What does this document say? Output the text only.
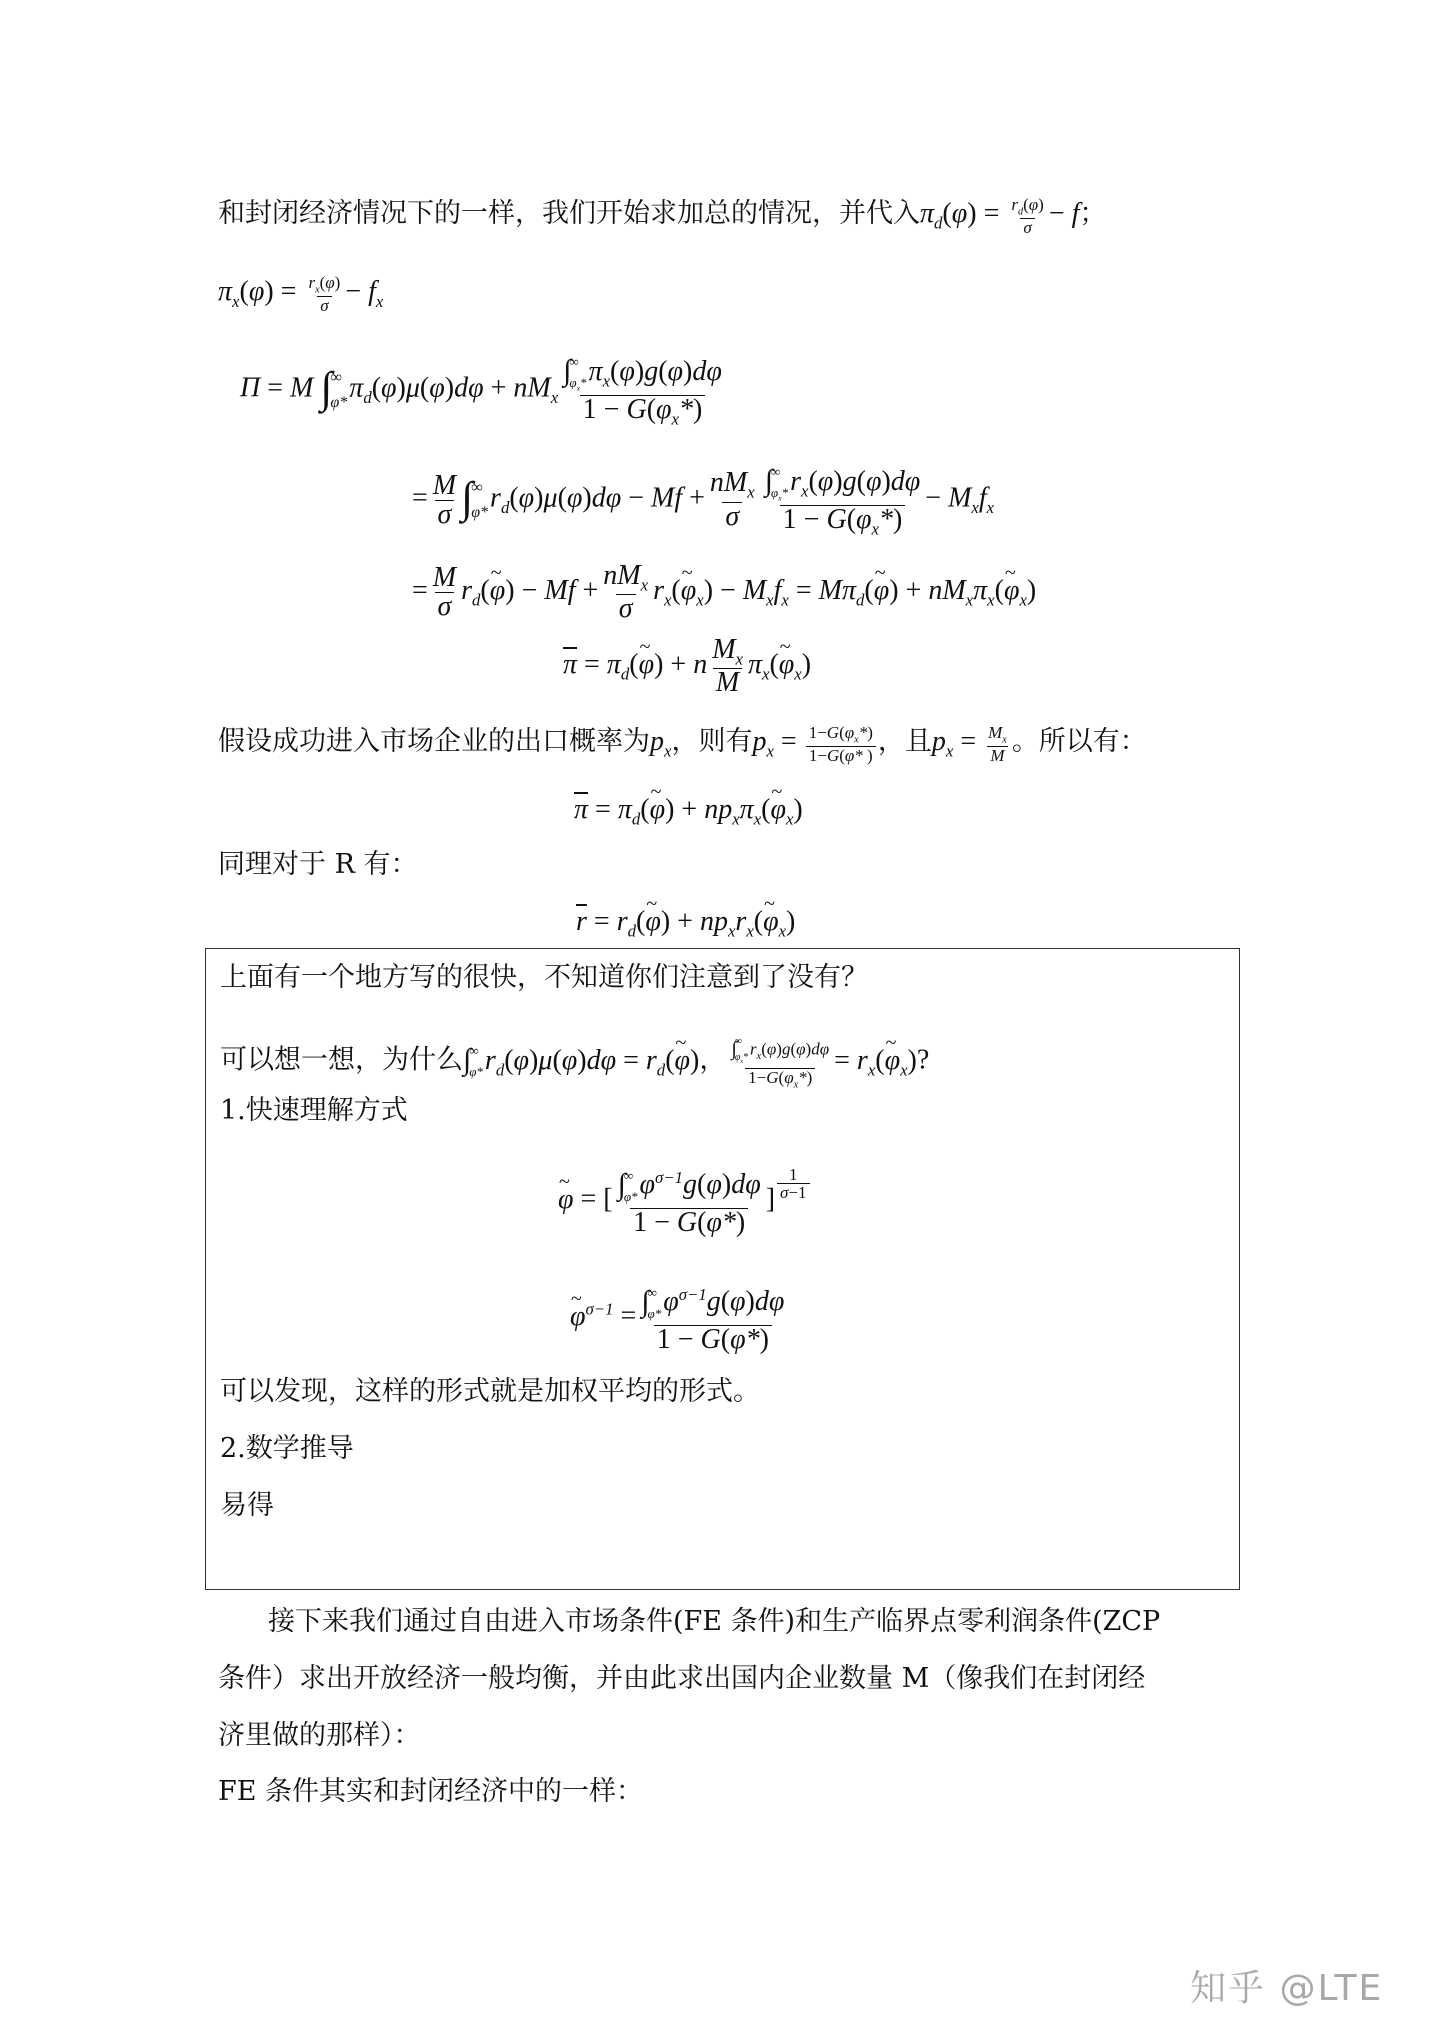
和封闭经济情况下的一样，我们开始求加总的情况，并代入$\pi_d(\varphi) = \frac{r_d(\varphi)}{\sigma} - f$；
$\pi_x(\varphi) = \frac{r_x(\varphi)}{\sigma} - f_x$
Π = M ∫
∞
φ* $\pi_d(\varphi)\mu(\varphi)d\varphi + nM_x$ ∫
∞
$\varphi_x*$ $\pi_x(\varphi)g(\varphi)d\varphi$
$1 - G(\varphi_x*)$
= $\frac{M}{\sigma}$ ∫
∞
φ* $r_d(\varphi)\mu(\varphi)d\varphi - Mf + \frac{nM_x}{\sigma}$ ∫
∞
$\varphi_x*$ $r_x(\varphi)g(\varphi)d\varphi$
$1 - G(\varphi_x*) - M_xf_x$
= $\frac{M}{\sigma}$ $r_d(\sim$ $\varphi) - Mf + \frac{nM_x}{\sigma}$ $r_x(\sim$ $\varphi_x) - M_xf_x$ = $M\pi_d(\sim$ $\varphi) + nM_x\pi_x(\sim$ $\varphi_x$)
$\overline{\pi}$ = $\pi_d(\sim$ φ) + n $\frac{M_x}{M}$ $\pi_x(\sim$ $\varphi_x$)
假设成功进入市场企业的出口概率为$p_x$，则有$p_x = \frac{1-G(\varphi_x*)}{1-G(\varphi* )}$ ，且$p_x = \frac{M_x}{M}$ 。所以有：
$\overline{\pi}$ = $\pi_d(\sim$ $\varphi) + np_x\pi_x(\sim$ $\varphi_x$)
同理对于 R 有：
$\overline{r}$ = $r_d(\sim$ $\varphi) + np_xr_x(\sim$ $\varphi_x$)
上面有一个地方写的很快，不知道你们注意到了没有？
可以想一想，为什么∫
∞
φ* $r_d(\varphi)\mu(\varphi)d\varphi$ = $r_d(\sim$ φ)， ∫
∞
$\varphi_x*$ $r_x(\varphi)g(\varphi)d\varphi$
$1-G(\varphi_x*)$ = $r_x(\sim$ $\varphi_x$)?
1.快速理解方式
~ φ = [ ∫
∞
φ* $\varphi^{\sigma-1}g(\varphi)d\varphi$
1 − G(φ*) ] $\frac{1}{\sigma-1}$
~ $\varphi^{\sigma-1}$ = ∫
∞
φ* $\varphi^{\sigma-1}g(\varphi)d\varphi$
1 − G(φ*)
可以发现，这样的形式就是加权平均的形式。
2.数学推导
易得
接下来我们通过自由进入市场条件(FE 条件)和生产临界点零利润条件(ZCP
条件）求出开放经济一般均衡，并由此求出国内企业数量 M（像我们在封闭经
济里做的那样）：
FE 条件其实和封闭经济中的一样：
知乎 @LTE
